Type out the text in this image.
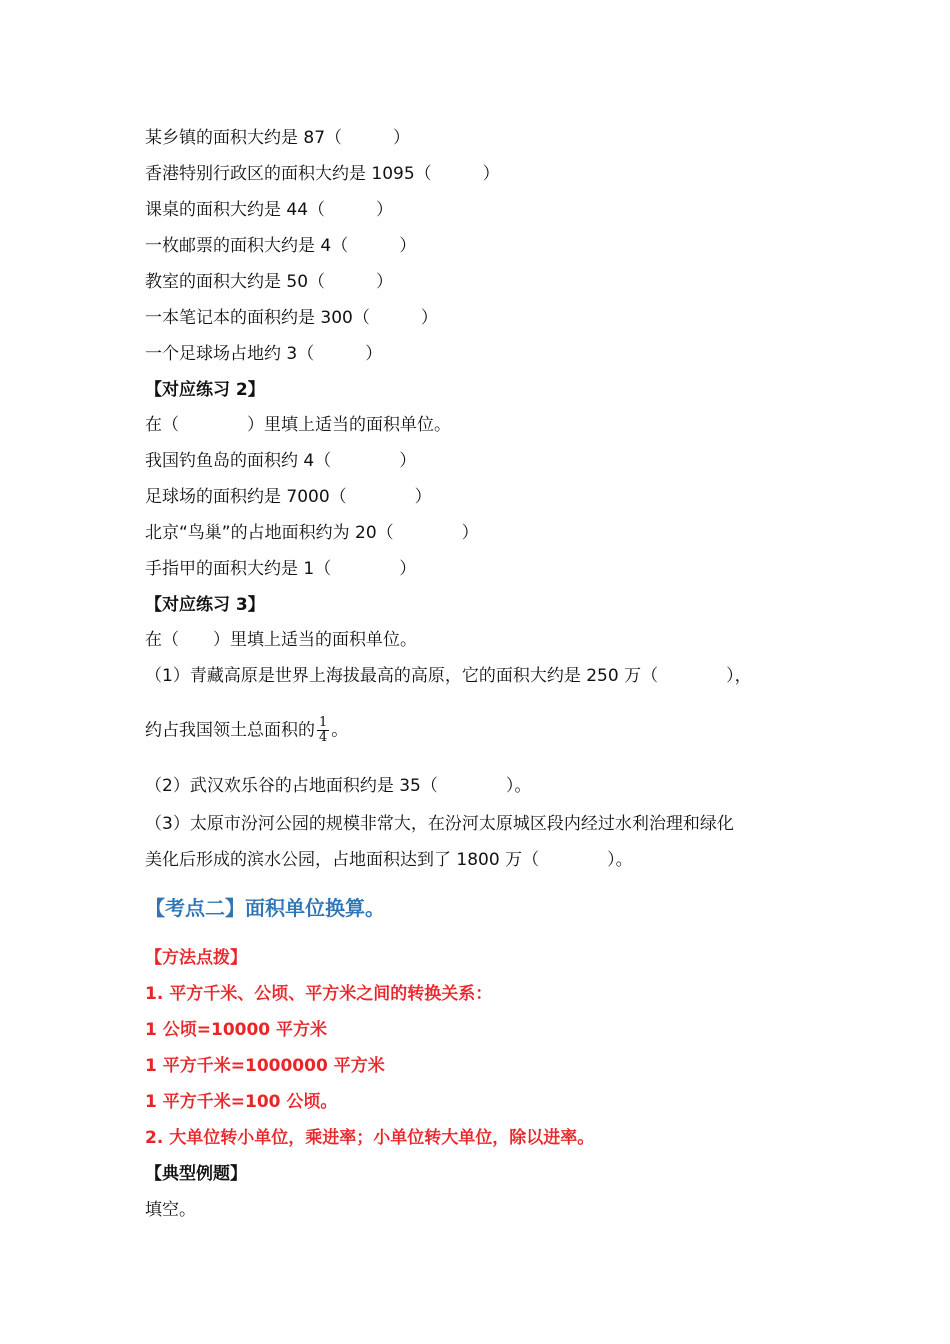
某乡镇的面积大约是 87（　　　）
香港特别行政区的面积大约是 1095（　　　）
课桌的面积大约是 44（　　　）
一枚邮票的面积大约是 4（　　　）
教室的面积大约是 50（　　　）
一本笔记本的面积约是 300（　　　）
一个足球场占地约 3（　　　）
【对应练习 2】
在（　　　　）里填上适当的面积单位。
我国钓鱼岛的面积约 4（　　　　）
足球场的面积约是 7000（　　　　）
北京“鸟巢”的占地面积约为 20（　　　　）
手指甲的面积大约是 1（　　　　）
【对应练习 3】
在（　　）里填上适当的面积单位。
（1）青藏高原是世界上海拔最高的高原，它的面积大约是 250 万（　　　　），
约占我国领土总面积的 $\frac{1}{4}$ 。
（2）武汉欢乐谷的占地面积约是 35（　　　　）。
（3）太原市汾河公园的规模非常大，在汾河太原城区段内经过水利治理和绿化
美化后形成的滨水公园，占地面积达到了 1800 万（　　　　）。
【考点二】面积单位换算。
【方法点拨】
1. 平方千米、公顷、平方米之间的转换关系：
1 公顷=10000 平方米
1 平方千米=1000000 平方米
1 平方千米=100 公顷。
2. 大单位转小单位，乘进率；小单位转大单位，除以进率。
【典型例题】
填空。
